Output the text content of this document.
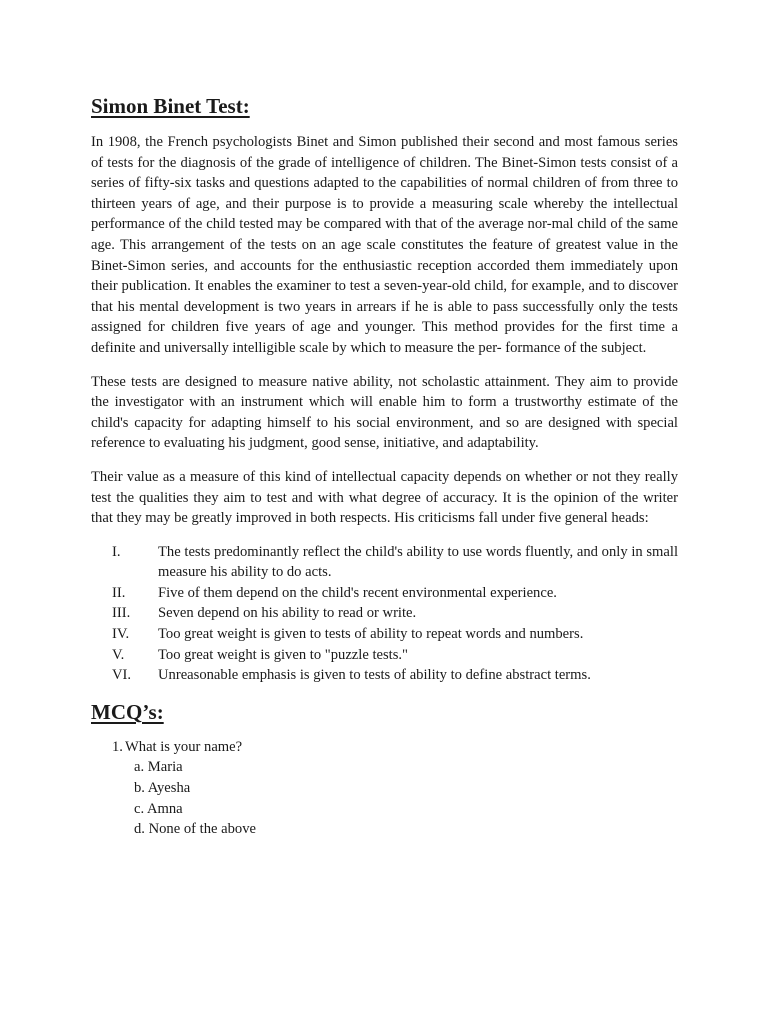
Simon Binet Test:

In 1908, the French psychologists Binet and Simon published their second and most famous series of tests for the diagnosis of the grade of intelligence of children. The Binet-Simon tests consist of a series of fifty-six tasks and questions adapted to the capabilities of normal children of from three to thirteen years of age, and their purpose is to provide a measuring scale whereby the intellectual performance of the child tested may be compared with that of the average nor-mal child of the same age. This arrangement of the tests on an age scale constitutes the feature of greatest value in the Binet-Simon series, and accounts for the enthusiastic reception accorded them immediately upon their publication. It enables the examiner to test a seven-year-old child, for example, and to discover that his mental development is two years in arrears if he is able to pass successfully only the tests assigned for children five years of age and younger. This method provides for the first time a definite and universally intelligible scale by which to measure the per- formance of the subject.

These tests are designed to measure native ability, not scholastic attainment. They aim to provide the investigator with an instrument which will enable him to form a trustworthy estimate of the child's capacity for adapting himself to his social environment, and so are designed with special reference to evaluating his judgment, good sense, initiative, and adaptability.

Their value as a measure of this kind of intellectual capacity depends on whether or not they really test the qualities they aim to test and with what degree of accuracy. It is the opinion of the writer that they may be greatly improved in both respects. His criticisms fall under five general heads:

I.	The tests predominantly reflect the child's ability to use words fluently, and only in small measure his ability to do acts.
II. Five of them depend on the child's recent environmental experience.
III. Seven depend on his ability to read or write.
IV. Too great weight is given to tests of ability to repeat words and numbers.
V. Too great weight is given to "puzzle tests."
VI. Unreasonable emphasis is given to tests of ability to define abstract terms.
MCQ’s:
1. What is your name?
a. Maria
b. Ayesha
c. Amna
d. None of the above
